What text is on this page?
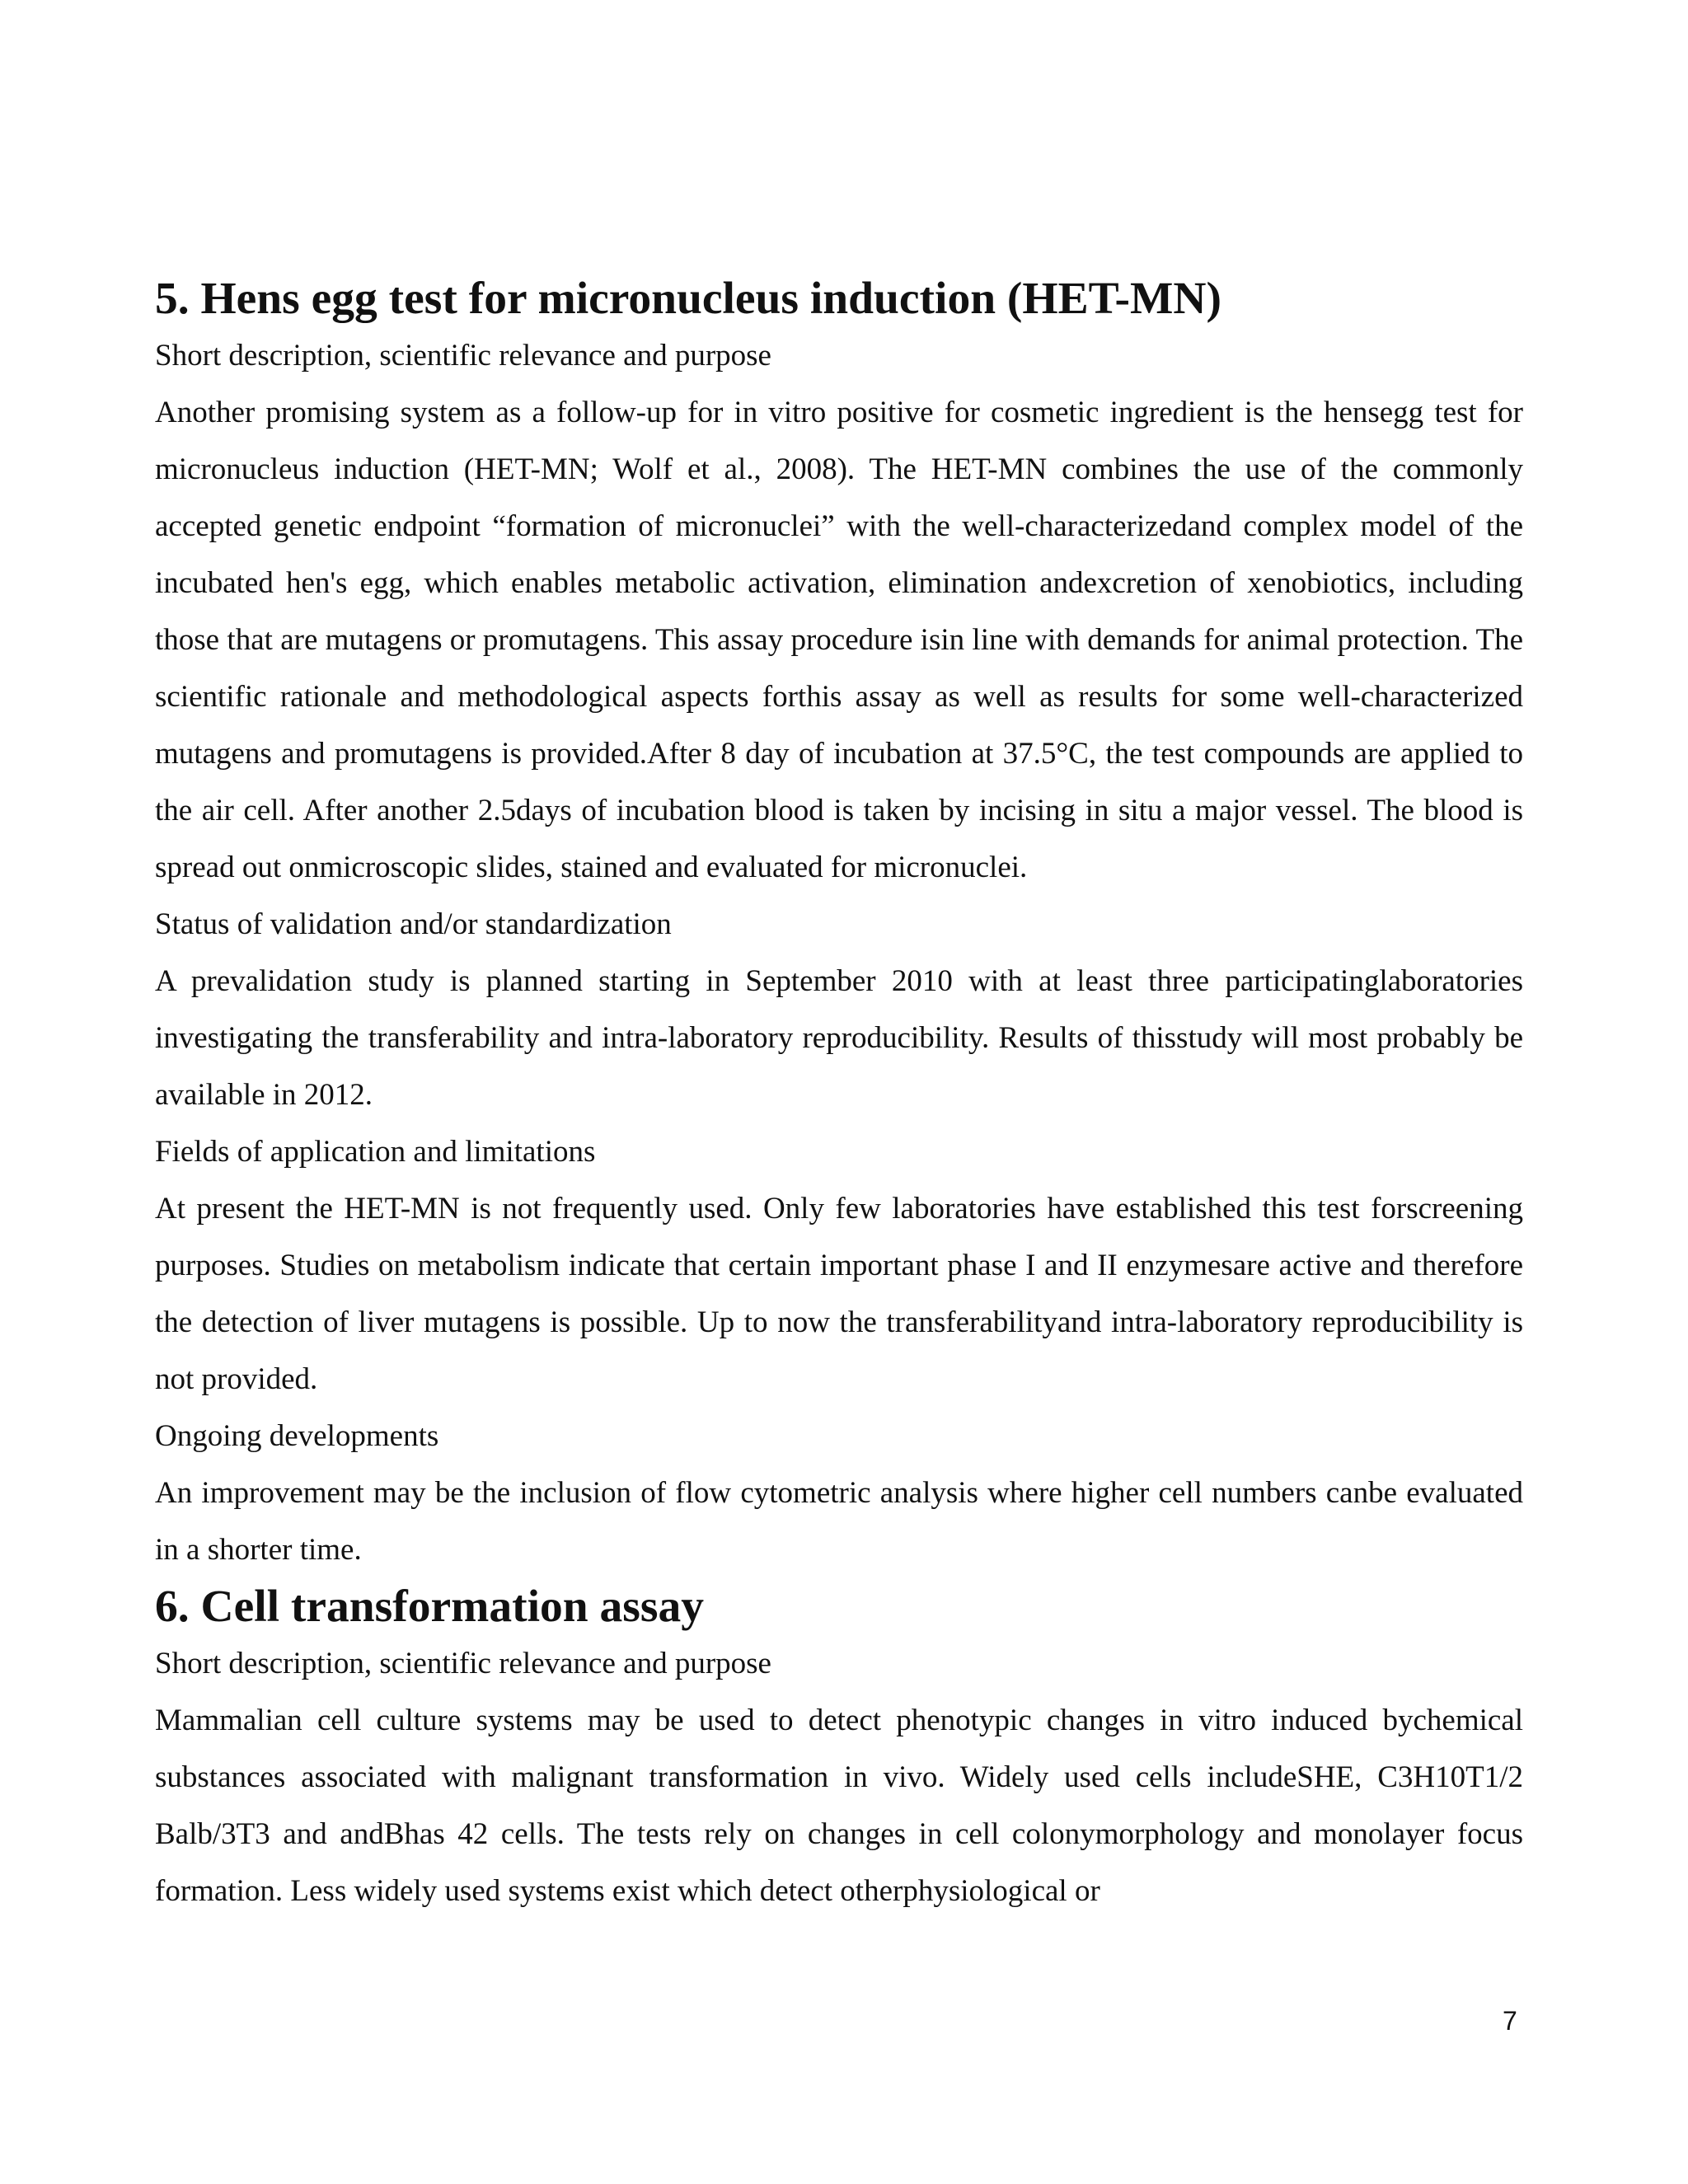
5. Hens egg test for micronucleus induction (HET-MN)
Short description, scientific relevance and purpose

Another promising system as a follow-up for in vitro positive for cosmetic ingredient is the hensegg test for micronucleus induction (HET-MN; Wolf et al., 2008). The HET-MN combines the use of the commonly accepted genetic endpoint “formation of micronuclei” with the well-characterizedand complex model of the incubated hen's egg, which enables metabolic activation, elimination andexcretion of xenobiotics, including those that are mutagens or promutagens. This assay procedure isin line with demands for animal protection. The scientific rationale and methodological aspects forthis assay as well as results for some well-characterized mutagens and promutagens is provided.After 8 day of incubation at 37.5°C, the test compounds are applied to the air cell. After another 2.5days of incubation blood is taken by incising in situ a major vessel. The blood is spread out onmicroscopic slides, stained and evaluated for micronuclei.

Status of validation and/or standardization

A prevalidation study is planned starting in September 2010 with at least three participatinglaboratories investigating the transferability and intra-laboratory reproducibility. Results of thisstudy will most probably be available in 2012.

Fields of application and limitations

At present the HET-MN is not frequently used. Only few laboratories have established this test forscreening purposes. Studies on metabolism indicate that certain important phase I and II enzymesare active and therefore the detection of liver mutagens is possible. Up to now the transferabilityand intra-laboratory reproducibility is not provided.

Ongoing developments

An improvement may be the inclusion of flow cytometric analysis where higher cell numbers canbe evaluated in a shorter time.

6. Cell transformation assay
Short description, scientific relevance and purpose

Mammalian cell culture systems may be used to detect phenotypic changes in vitro induced bychemical substances associated with malignant transformation in vivo. Widely used cells includeSHE, C3H10T1/2 Balb/3T3 and andBhas 42 cells. The tests rely on changes in cell colonymorphology and monolayer focus formation. Less widely used systems exist which detect otherphysiological or

7
